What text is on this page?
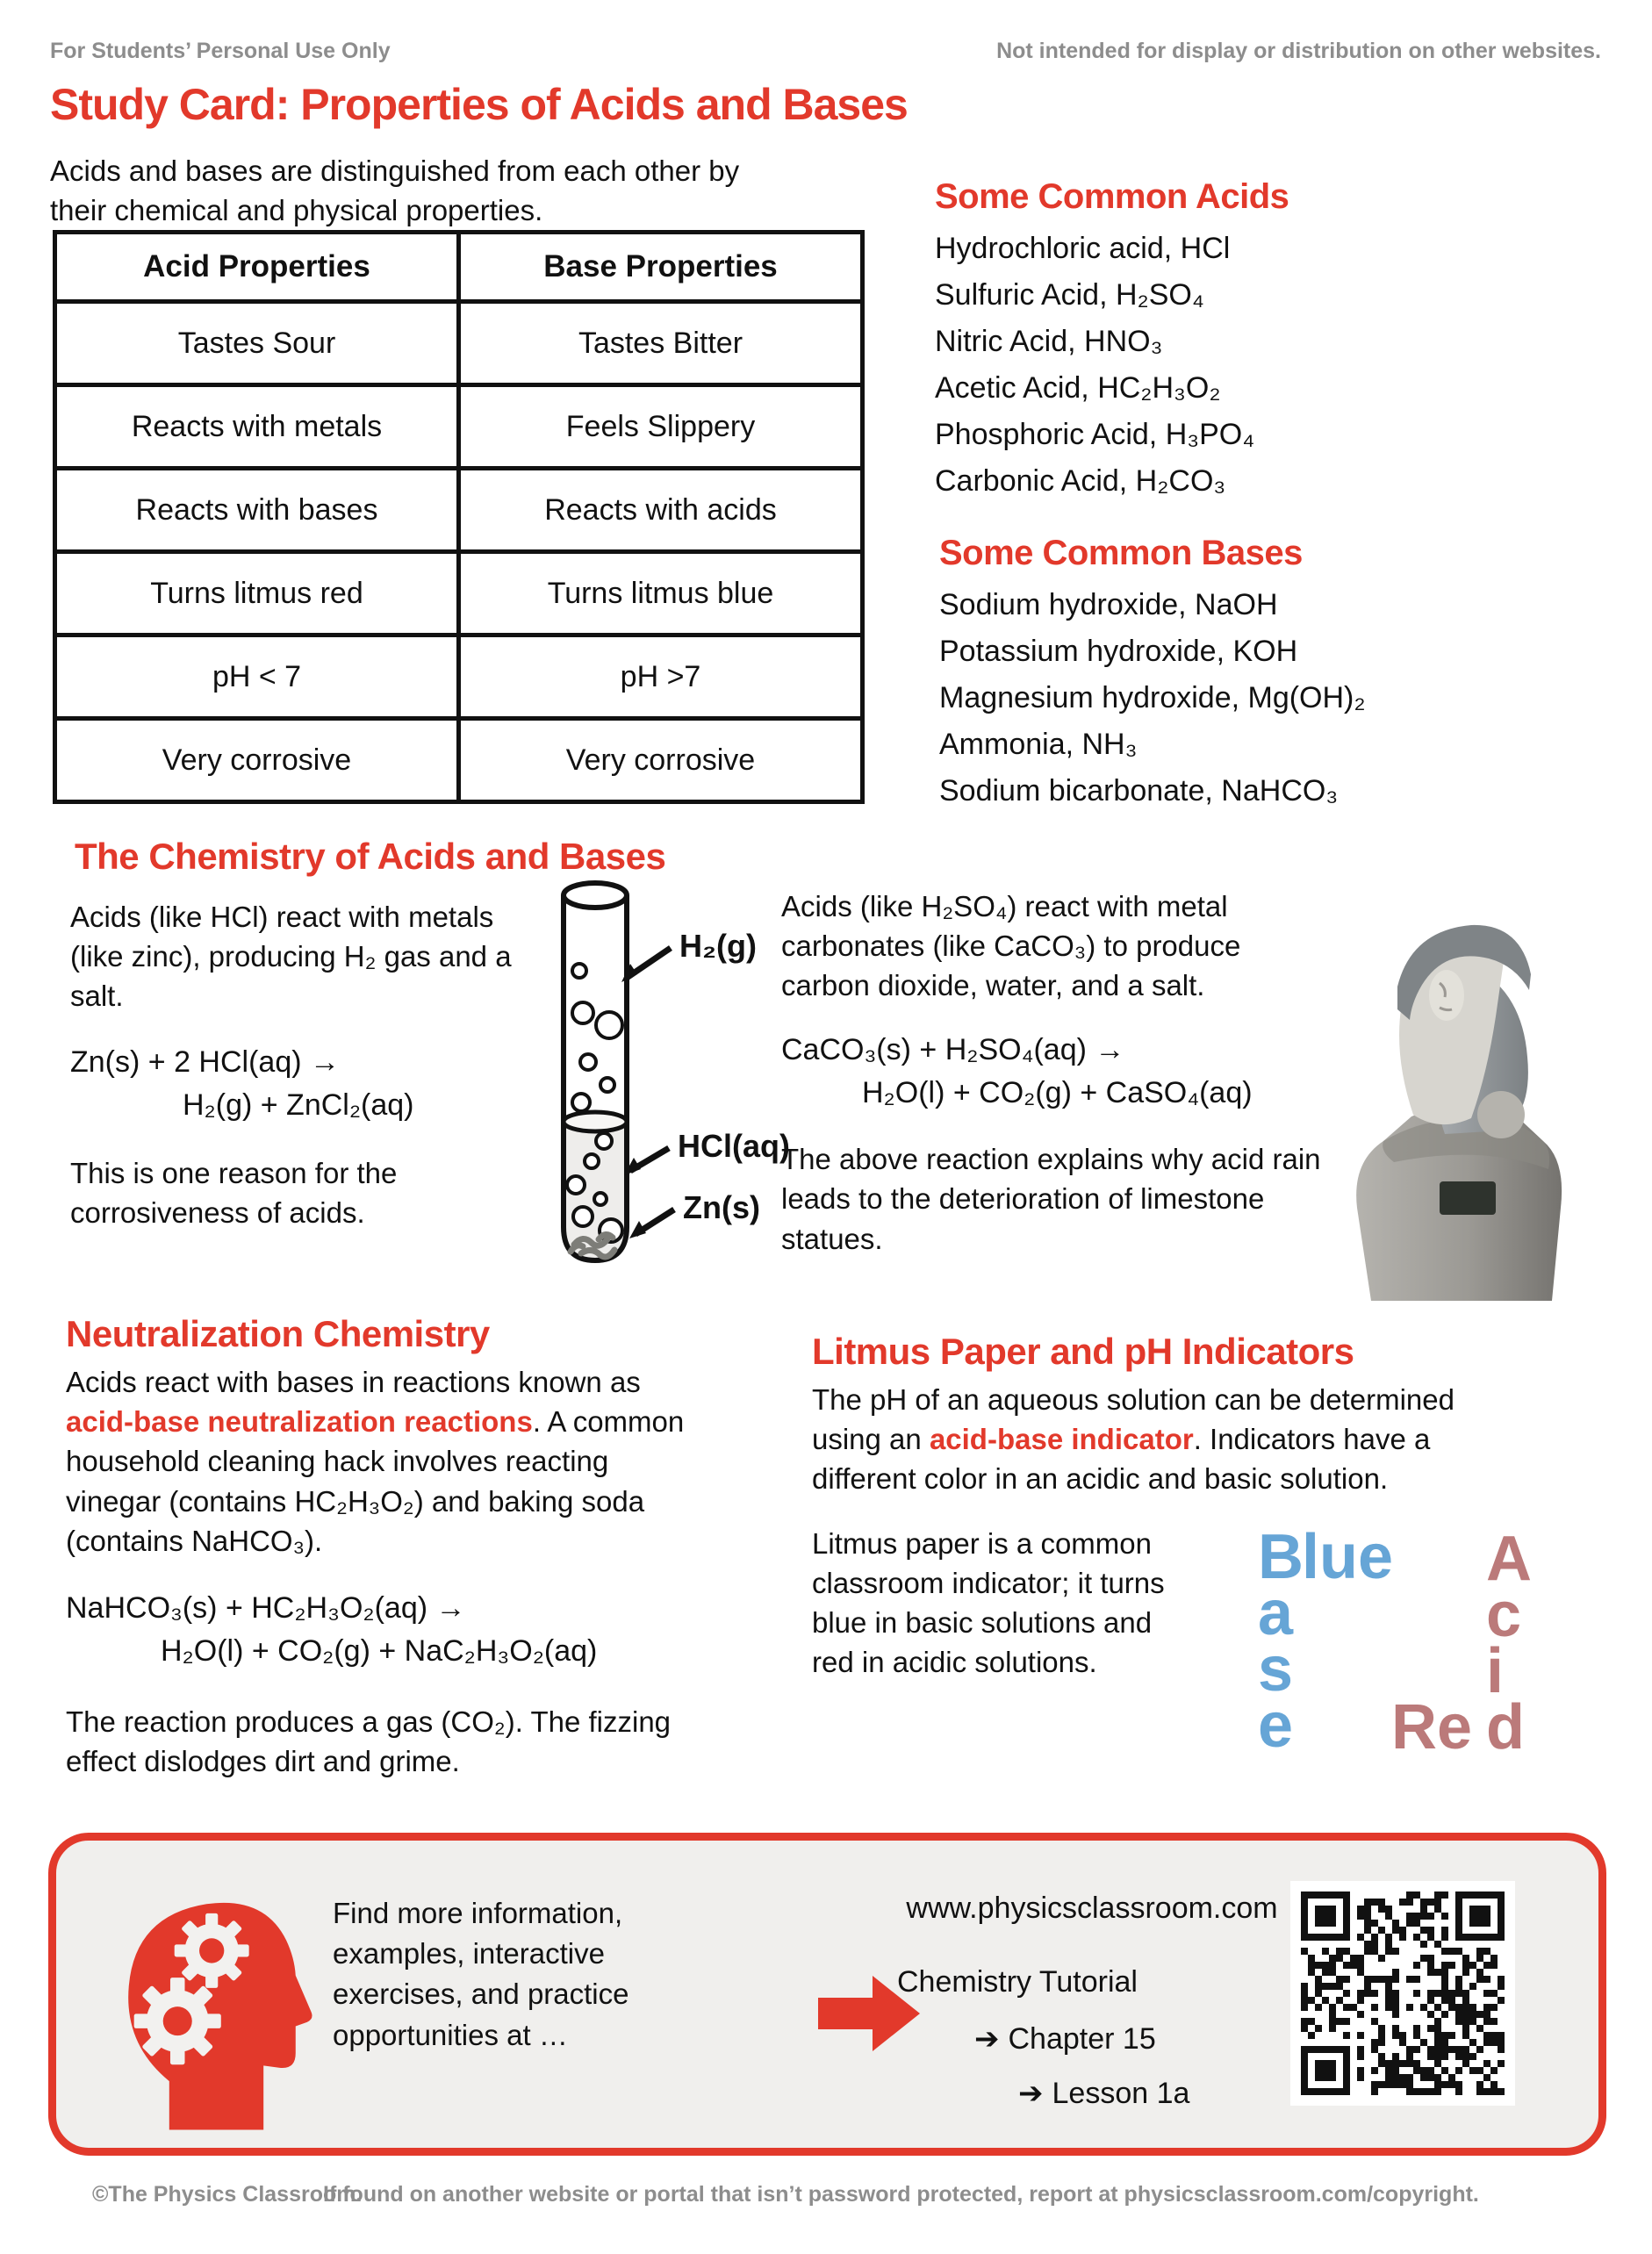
For Students’ Personal Use Only	Not intended for display or distribution on other websites.
Study Card: Properties of Acids and Bases
Acids and bases are distinguished from each other by their chemical and physical properties.
Acid Properties	Base Properties
Tastes Sour	Tastes Bitter
Reacts with metals	Feels Slippery
Reacts with bases	Reacts with acids
Turns litmus red	Turns litmus blue
pH < 7	pH >7
Very corrosive	Very corrosive
Some Common Acids
Hydrochloric acid, HCl
Sulfuric Acid, H₂SO₄
Nitric Acid, HNO₃
Acetic Acid, HC₂H₃O₂
Phosphoric Acid, H₃PO₄
Carbonic Acid, H₂CO₃
Some Common Bases
Sodium hydroxide, NaOH
Potassium hydroxide, KOH
Magnesium hydroxide, Mg(OH)₂
Ammonia, NH₃
Sodium bicarbonate, NaHCO₃
The Chemistry of Acids and Bases
Acids (like HCl) react with metals (like zinc), producing H₂ gas and a salt.
Zn(s) + 2 HCl(aq) →
H₂(g) + ZnCl₂(aq)
This is one reason for the corrosiveness of acids.
H₂(g)
HCl(aq)
Zn(s)
Acids (like H₂SO₄) react with metal carbonates (like CaCO₃) to produce carbon dioxide, water, and a salt.
CaCO₃(s) + H₂SO₄(aq) →
H₂O(l) + CO₂(g) + CaSO₄(aq)
The above reaction explains why acid rain leads to the deterioration of limestone statues.
Neutralization Chemistry
Acids react with bases in reactions known as acid-base neutralization reactions. A common household cleaning hack involves reacting vinegar (contains HC₂H₃O₂) and baking soda (contains NaHCO₃).
NaHCO₃(s) + HC₂H₃O₂(aq) →
H₂O(l) + CO₂(g) + NaC₂H₃O₂(aq)
The reaction produces a gas (CO₂). The fizzing effect dislodges dirt and grime.
Litmus Paper and pH Indicators
The pH of an aqueous solution can be determined using an acid-base indicator. Indicators have a different color in an acidic and basic solution.
Litmus paper is a common classroom indicator; it turns blue in basic solutions and red in acidic solutions.
B
a
s
e
lue A
c
i
d
Re
Find more information, examples, interactive exercises, and practice opportunities at …
www.physicsclassroom.com
Chemistry Tutorial
➔ Chapter 15
➔ Lesson 1a
©The Physics Classroom.
If found on another website or portal that isn’t password protected, report at physicsclassroom.com/copyright.
